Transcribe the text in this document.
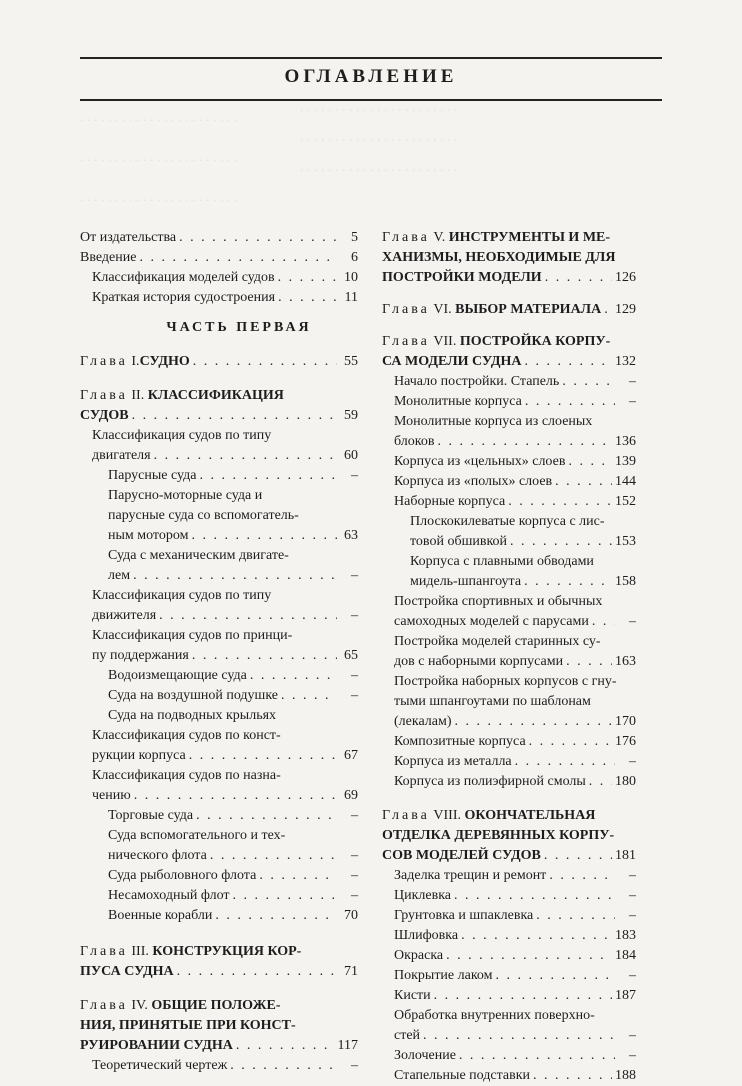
. . . . . . . . . . . . . . . . . . . . . . .
. . . . . . . . . . . . . . . . . . . . . . .
. . . . . . . . . . . . . . . . . . . . . . .
. . . . . . . . . . . . . . . . . . . . . . .
. . . . . . . . . . . . . . . . . . . . . . .
. . . . . . . . . . . . . . . . . . . . . . .
ОГЛАВЛЕНИЕ
От издательства . . .	5
Введение . . .	6
Классификация моделей судов . . .	10
Краткая история судостроения . . .	11
ЧАСТЬ ПЕРВАЯ
Глава I.СУДНО . . .	55
Глава II. КЛАССИФИКАЦИЯ
СУДОВ . . .	59
Классификация судов по типу
двигателя . . .	60
Парусные суда . . .	–
Парусно-моторные суда и
парусные суда со вспомогатель-
ным мотором . . .	63
Суда с механическим двигате-
лем . . .	–
Классификация судов по типу
движителя . . .	–
Классификация судов по принци-
пу поддержания . . .	65
Водоизмещающие суда . . .	–
Суда на воздушной подушке . . .	–
Суда на подводных крыльях
Классификация судов по конст-
рукции корпуса . . .	67
Классификация судов по назна-
чению . . .	69
Торговые суда . . .	–
Суда вспомогательного и тех-
нического флота . . .	–
Суда рыболовного флота . . .	–
Несамоходный флот . . .	–
Военные корабли . . .	70
Глава III. КОНСТРУКЦИЯ КОР-
ПУСА СУДНА . . .	71
Глава IV. ОБЩИЕ ПОЛОЖЕ-
НИЯ, ПРИНЯТЫЕ ПРИ КОНСТ-
РУИРОВАНИИ СУДНА . . .	117
Теоретический чертеж . . .	–
Глава V. ИНСТРУМЕНТЫ И МЕ-
ХАНИЗМЫ, НЕОБХОДИМЫЕ ДЛЯ
ПОСТРОЙКИ МОДЕЛИ . . .	126
Глава VI. ВЫБОР МАТЕРИАЛА . . . 129
Глава VII. ПОСТРОЙКА КОРПУ-
СА МОДЕЛИ СУДНА . . .	132
Начало постройки. Стапель . . .	–
Монолитные корпуса . . .	–
Монолитные корпуса из слоеных
блоков . . .	136
Корпуса из «цельных» слоев . . .	139
Корпуса из «полых» слоев . . .	144
Наборные корпуса . . .	152
Плоскокилеватые корпуса с лис-
товой обшивкой . . .	153
Корпуса с плавными обводами
мидель-шпангоута . . .	158
Постройка спортивных и обычных
самоходных моделей с парусами . . .	–
Постройка моделей старинных су-
дов с наборными корпусами . . .	163
Постройка наборных корпусов с гну-
тыми шпангоутами по шаблонам
(лекалам) . . .	170
Композитные корпуса . . .	176
Корпуса из металла . . .	–
Корпуса из полиэфирной смолы . . . 180
Глава VIII. ОКОНЧАТЕЛЬНАЯ
ОТДЕЛКА ДЕРЕВЯННЫХ КОРПУ-
СОВ МОДЕЛЕЙ СУДОВ . . .	181
Заделка трещин и ремонт . . .	–
Циклевка . . .	–
Грунтовка и шпаклевка . . .	–
Шлифовка . . .	183
Окраска . . .	184
Покрытие лаком . . .	–
Кисти . . .	187
Обработка внутренних поверхно-
стей . . .	–
Золочение . . .	–
Стапельные подставки . . .	188
